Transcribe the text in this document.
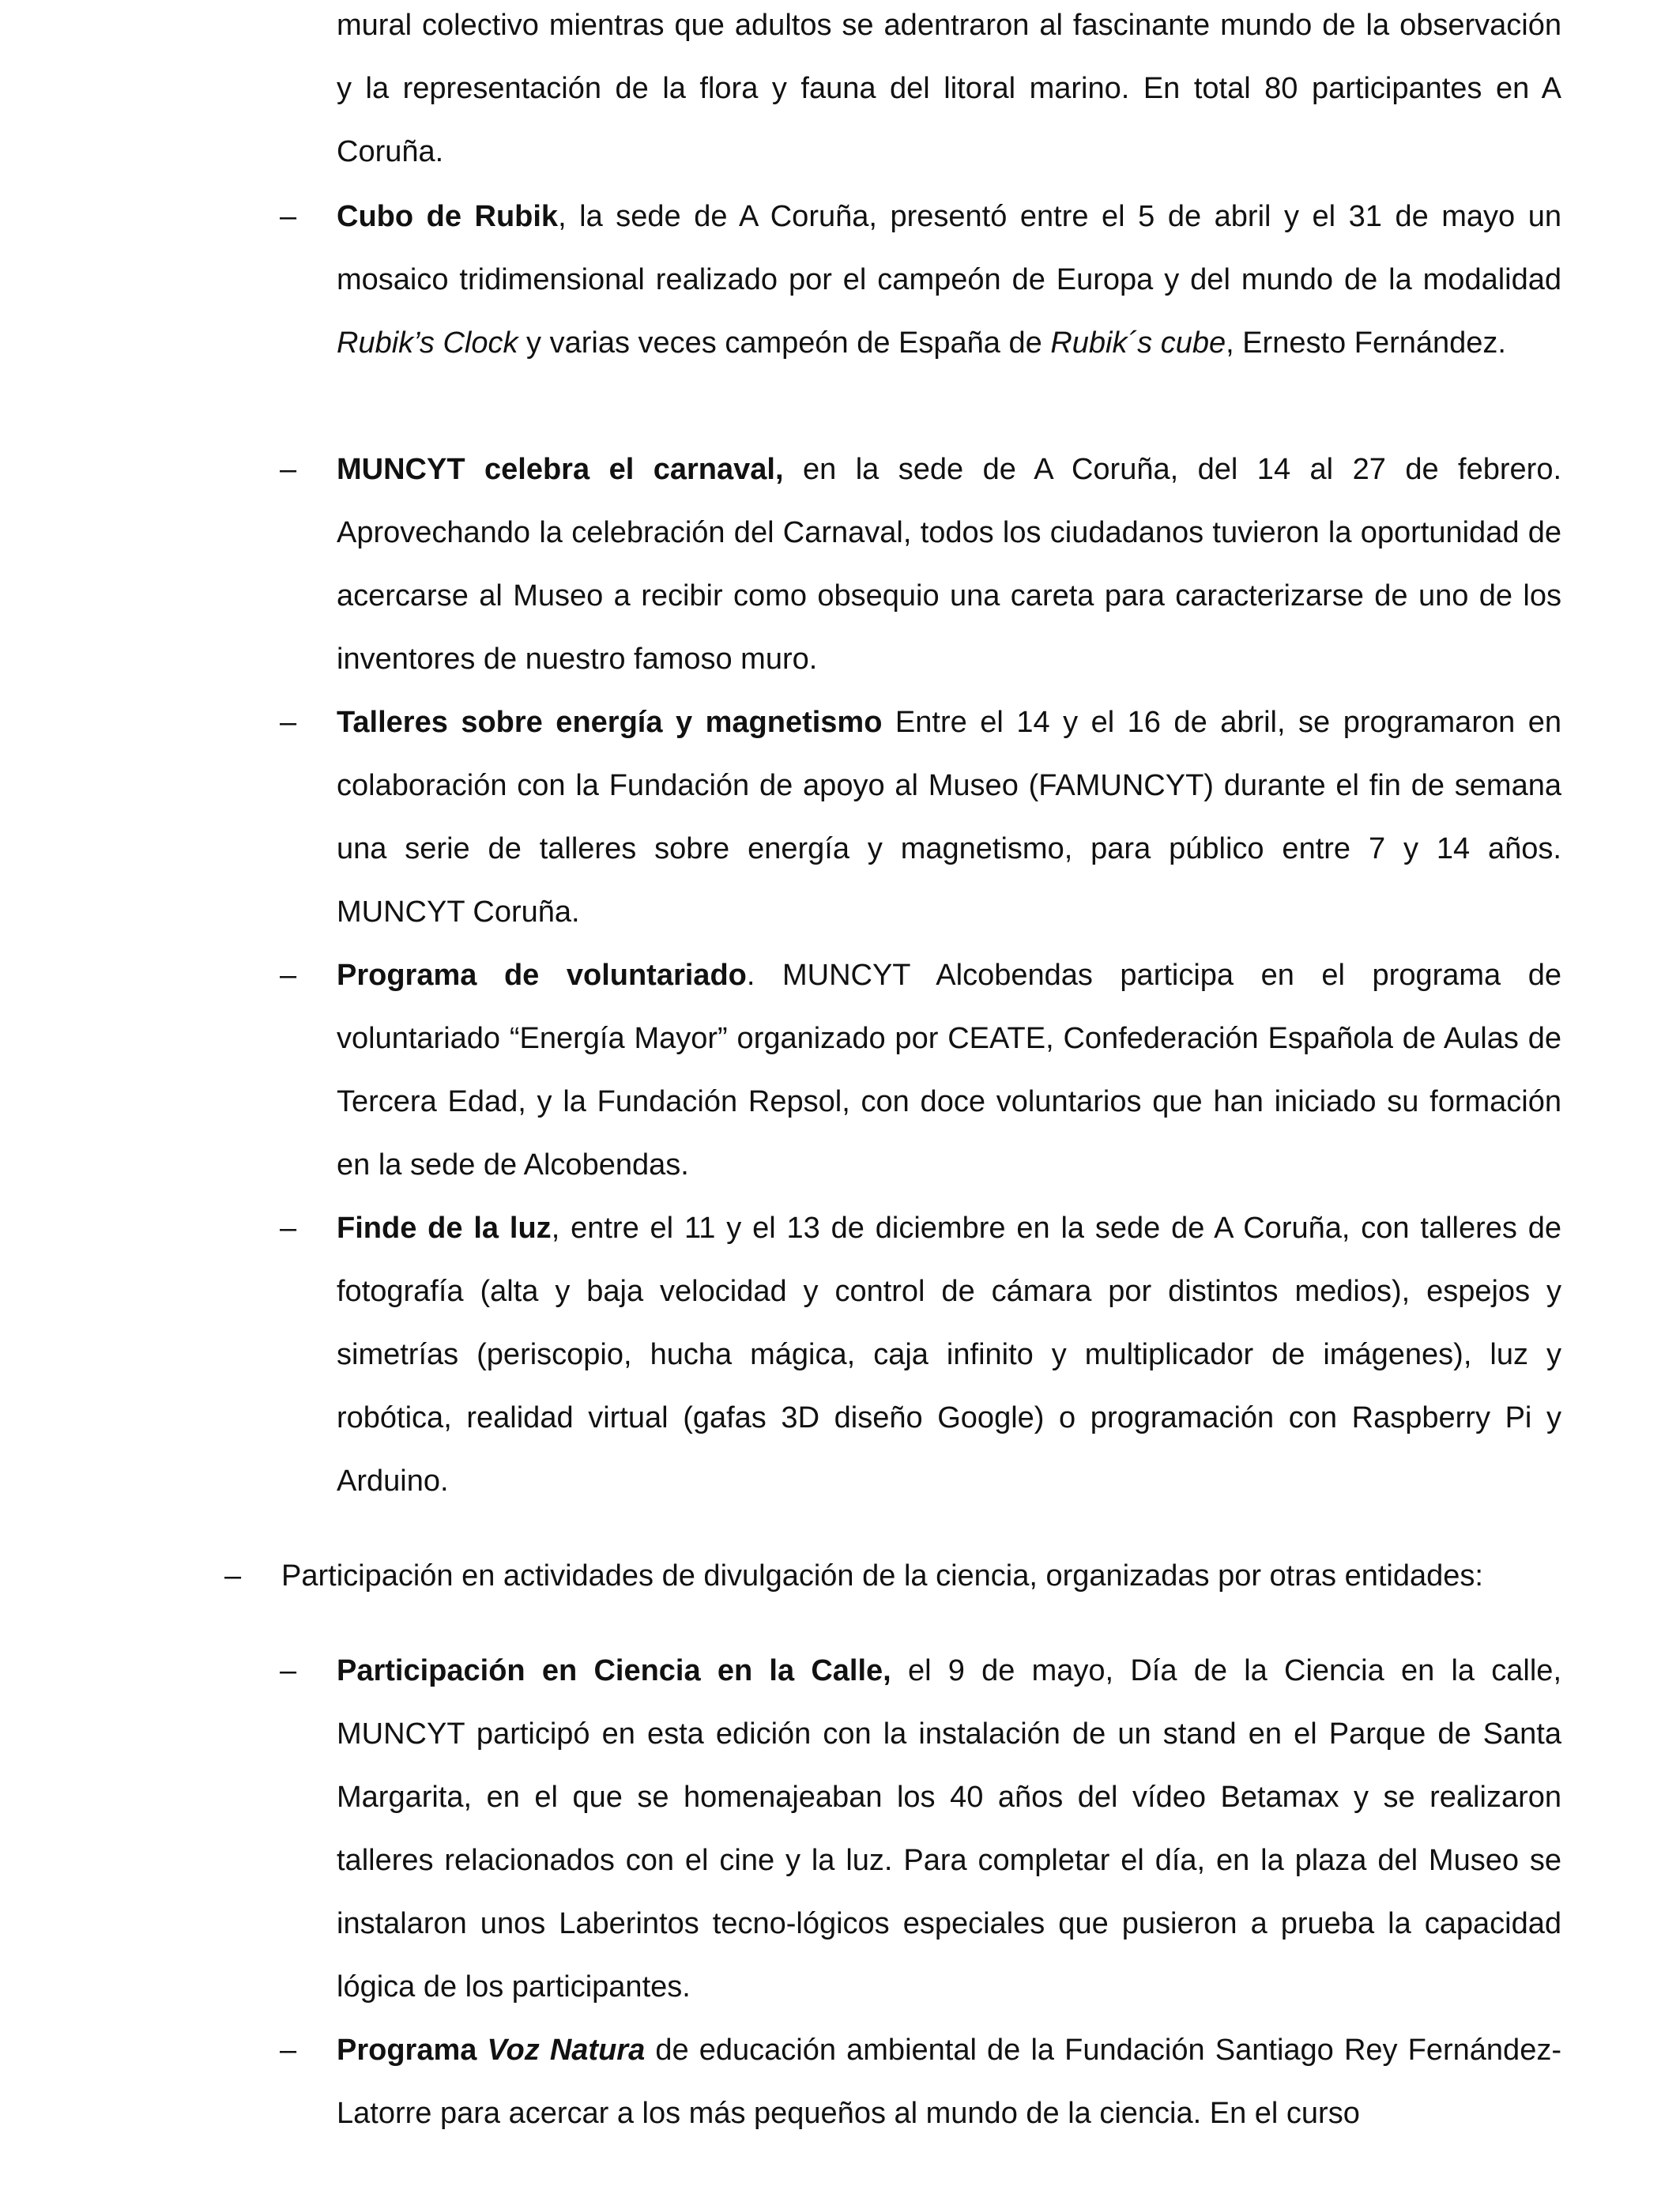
mural colectivo mientras que adultos se adentraron al fascinante mundo de la observación y la representación de la flora y fauna del litoral marino. En total 80 participantes en A Coruña.

– Cubo de Rubik, la sede de A Coruña, presentó entre el 5 de abril y el 31 de mayo un mosaico tridimensional realizado por el campeón de Europa y del mundo de la modalidad Rubik’s Clock y varias veces campeón de España de Rubik´s cube, Ernesto Fernández.
– MUNCYT celebra el carnaval, en la sede de A Coruña, del 14 al 27 de febrero. Aprovechando la celebración del Carnaval, todos los ciudadanos tuvieron la oportunidad de acercarse al Museo a recibir como obsequio una careta para caracterizarse de uno de los inventores de nuestro famoso muro.
– Talleres sobre energía y magnetismo Entre el 14 y el 16 de abril, se programaron en colaboración con la Fundación de apoyo al Museo (FAMUNCYT) durante el fin de semana una serie de talleres sobre energía y magnetismo, para público entre 7 y 14 años. MUNCYT Coruña.
– Programa de voluntariado. MUNCYT Alcobendas participa en el programa de voluntariado “Energía Mayor” organizado por CEATE, Confederación Española de Aulas de Tercera Edad, y la Fundación Repsol, con doce voluntarios que han iniciado su formación en la sede de Alcobendas.
– Finde de la luz, entre el 11 y el 13 de diciembre en la sede de A Coruña, con talleres de fotografía (alta y baja velocidad y control de cámara por distintos medios), espejos y simetrías (periscopio, hucha mágica, caja infinito y multiplicador de imágenes), luz y robótica, realidad virtual (gafas 3D diseño Google) o programación con Raspberry Pi y Arduino.
– Participación en actividades de divulgación de la ciencia, organizadas por otras entidades:
– Participación en Ciencia en la Calle, el 9 de mayo, Día de la Ciencia en la calle, MUNCYT participó en esta edición con la instalación de un stand en el Parque de Santa Margarita, en el que se homenajeaban los 40 años del vídeo Betamax y se realizaron talleres relacionados con el cine y la luz. Para completar el día, en la plaza del Museo se instalaron unos Laberintos tecno-lógicos especiales que pusieron a prueba la capacidad lógica de los participantes.
– Programa Voz Natura de educación ambiental de la Fundación Santiago Rey Fernández-Latorre para acercar a los más pequeños al mundo de la ciencia. En el curso
